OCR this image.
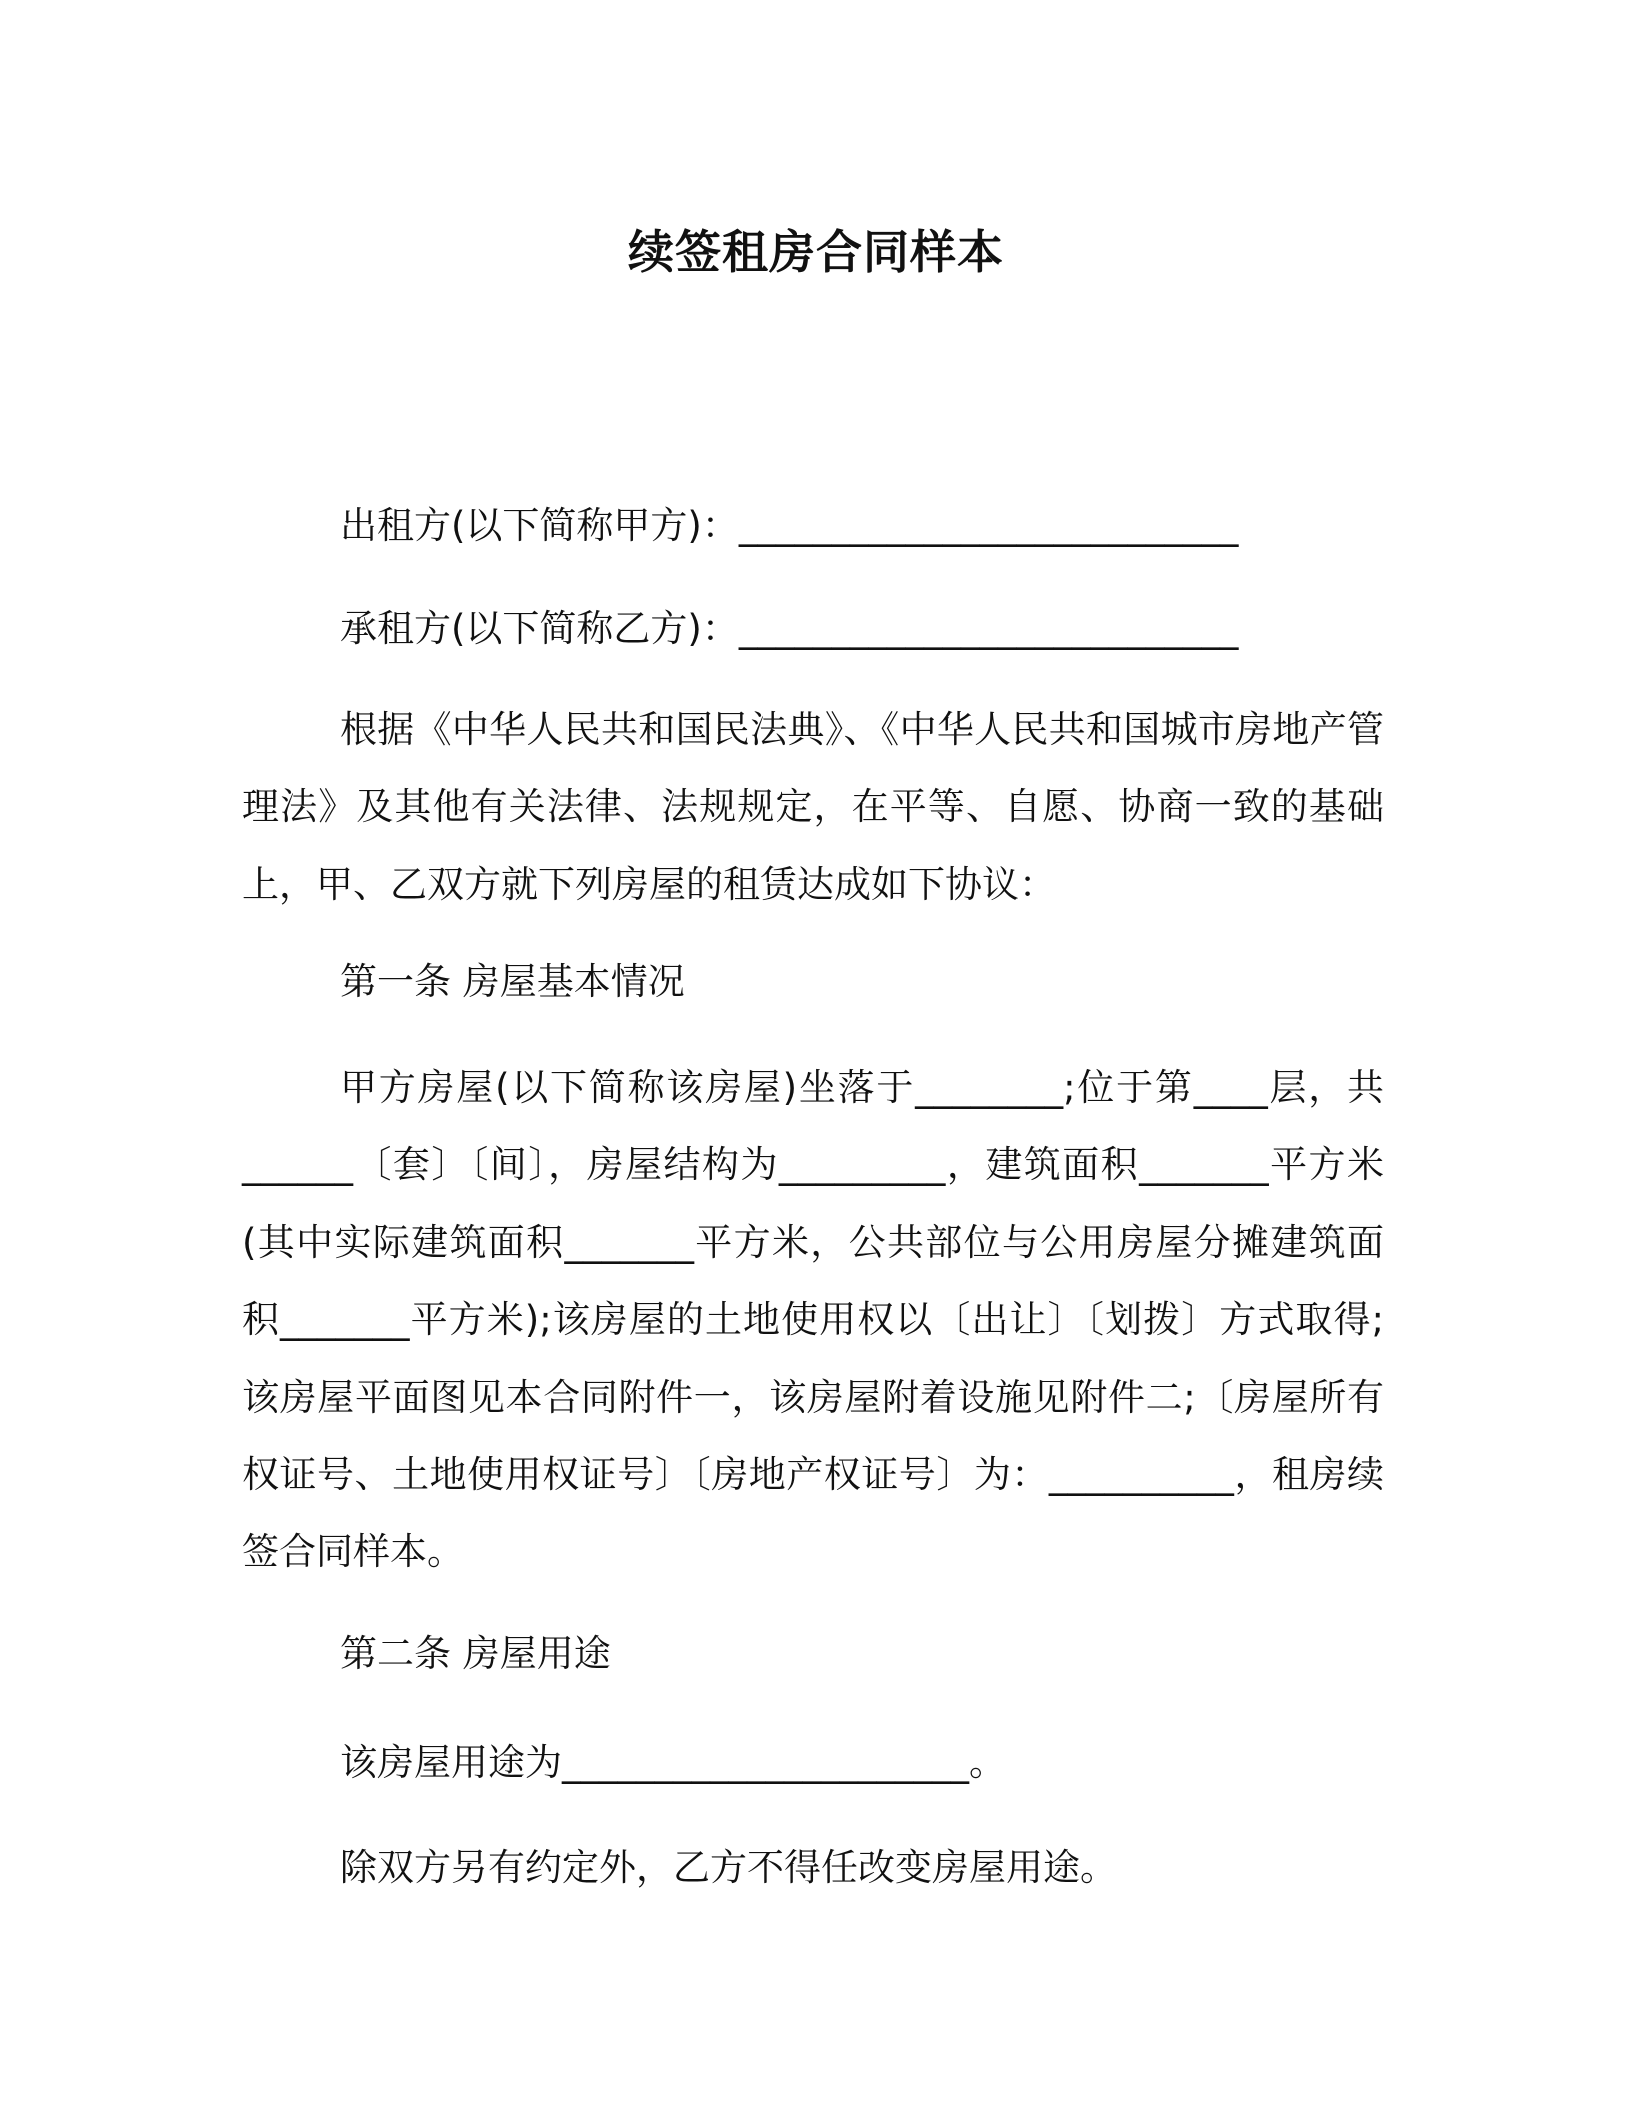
续签租房合同样本
出租方(以下简称甲方)：___________________________
承租方(以下简称乙方)：___________________________
根据《中华人民共和国民法典》、《中华人民共和国城市房地产管理法》及其他有关法律、法规规定，在平等、自愿、协商一致的基础上，甲、乙双方就下列房屋的租赁达成如下协议：
第一条 房屋基本情况
甲方房屋(以下简称该房屋)坐落于________;位于第____层，共______〔套〕〔间〕，房屋结构为_________，建筑面积_______平方米(其中实际建筑面积_______平方米，公共部位与公用房屋分摊建筑面积_______平方米);该房屋的土地使用权以〔出让〕〔划拨〕方式取得;该房屋平面图见本合同附件一，该房屋附着设施见附件二;〔房屋所有权证号、土地使用权证号〕〔房地产权证号〕为：__________，租房续签合同样本。
第二条 房屋用途
该房屋用途为______________________。
除双方另有约定外，乙方不得任改变房屋用途。
